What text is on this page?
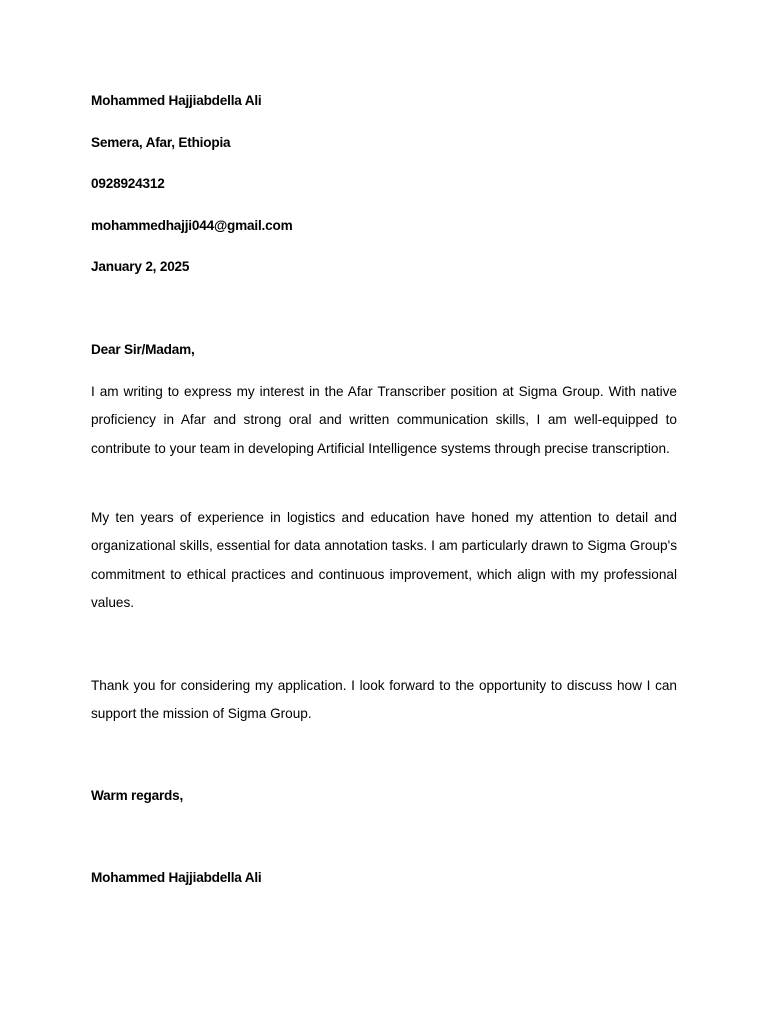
Mohammed Hajjiabdella Ali

Semera, Afar, Ethiopia

0928924312

mohammedhajji044@gmail.com

January 2, 2025

Dear Sir/Madam,

I am writing to express my interest in the Afar Transcriber position at Sigma Group. With native proficiency in Afar and strong oral and written communication skills, I am well-equipped to contribute to your team in developing Artificial Intelligence systems through precise transcription.

My ten years of experience in logistics and education have honed my attention to detail and organizational skills, essential for data annotation tasks. I am particularly drawn to Sigma Group's commitment to ethical practices and continuous improvement, which align with my professional values.

Thank you for considering my application. I look forward to the opportunity to discuss how I can support the mission of Sigma Group.

Warm regards,

Mohammed Hajjiabdella Ali
